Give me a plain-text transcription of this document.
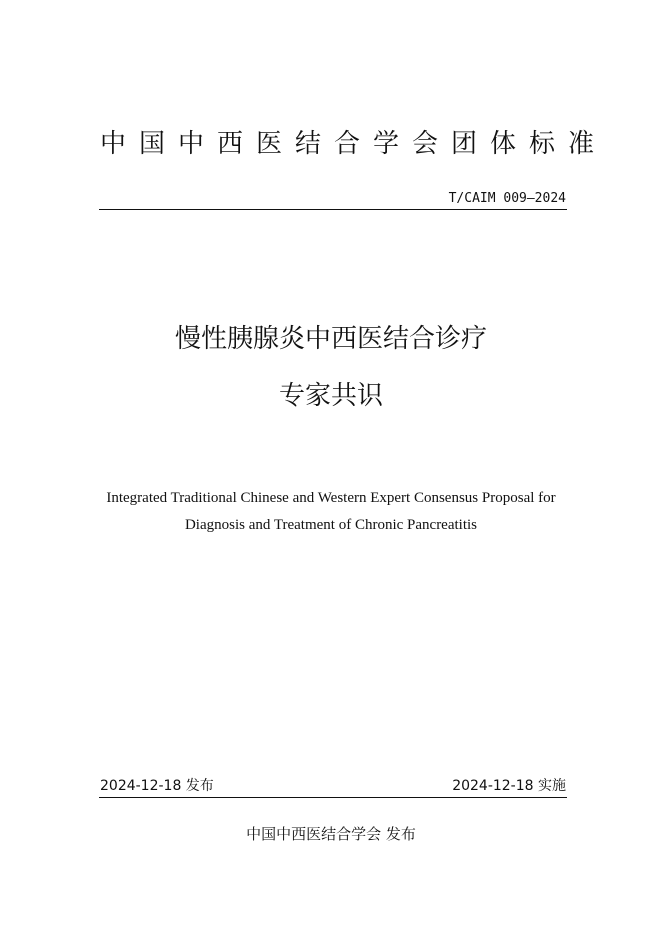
中国中西医结合学会团体标准
T/CAIM 009—2024
慢性胰腺炎中西医结合诊疗
专家共识
Integrated Traditional Chinese and Western Expert Consensus Proposal for
Diagnosis and Treatment of Chronic Pancreatitis
2024-12-18 发布	2024-12-18 实施
中国中西医结合学会 发布
